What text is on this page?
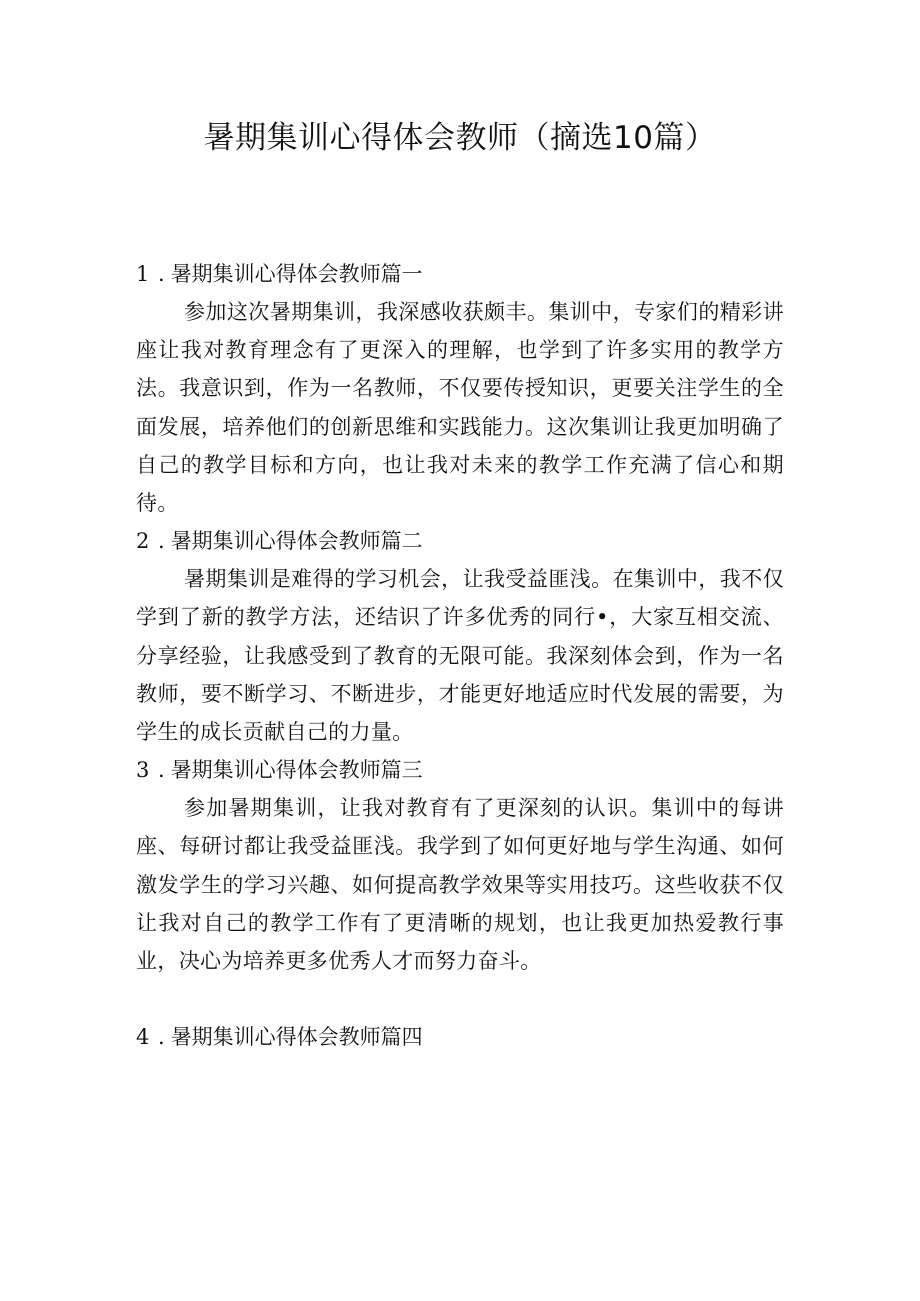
暑期集训心得体会教师（摘选10篇）

1 . 暑期集训心得体会教师篇一

参加这次暑期集训，我深感收获颇丰。集训中，专家们的精彩讲座让我对教育理念有了更深入的理解，也学到了许多实用的教学方法。我意识到，作为一名教师，不仅要传授知识，更要关注学生的全面发展，培养他们的创新思维和实践能力。这次集训让我更加明确了自己的教学目标和方向，也让我对未来的教学工作充满了信心和期待。

2 . 暑期集训心得体会教师篇二

暑期集训是难得的学习机会，让我受益匪浅。在集训中，我不仅学到了新的教学方法，还结识了许多优秀的同行•，大家互相交流、分享经验，让我感受到了教育的无限可能。我深刻体会到，作为一名教师，要不断学习、不断进步，才能更好地适应时代发展的需要，为学生的成长贡献自己的力量。

3 . 暑期集训心得体会教师篇三

参加暑期集训，让我对教育有了更深刻的认识。集训中的每讲座、每研讨都让我受益匪浅。我学到了如何更好地与学生沟通、如何激发学生的学习兴趣、如何提高教学效果等实用技巧。这些收获不仅让我对自己的教学工作有了更清晰的规划，也让我更加热爱教行事业，决心为培养更多优秀人才而努力奋斗。

4 . 暑期集训心得体会教师篇四
